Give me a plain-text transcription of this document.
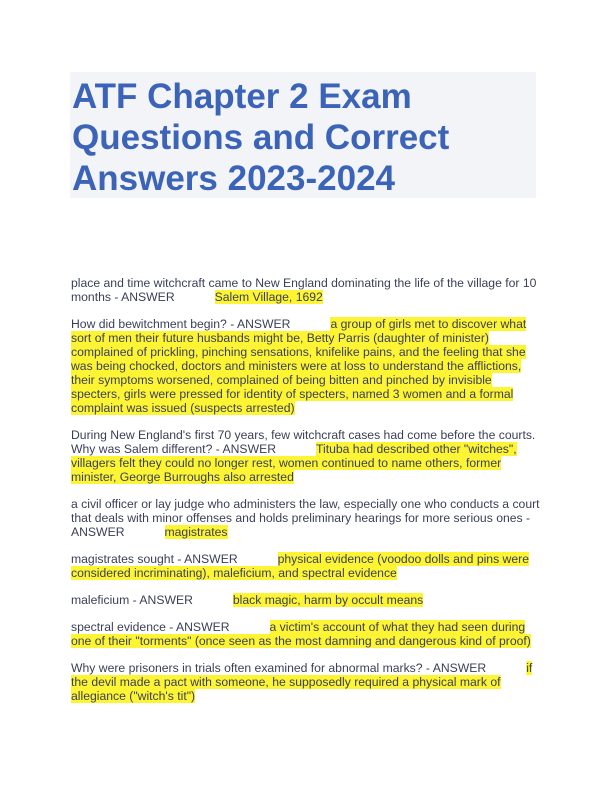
ATF Chapter 2 Exam Questions and Correct Answers 2023-2024

place and time witchcraft came to New England dominating the life of the village for 10 months - ANSWER	Salem Village, 1692

How did bewitchment begin? - ANSWER	a group of girls met to discover what sort of men their future husbands might be, Betty Parris (daughter of minister) complained of prickling, pinching sensations, knifelike pains, and the feeling that she was being chocked, doctors and ministers were at loss to understand the afflictions, their symptoms worsened, complained of being bitten and pinched by invisible specters, girls were pressed for identity of specters, named 3 women and a formal complaint was issued (suspects arrested)

During New England's first 70 years, few witchcraft cases had come before the courts. Why was Salem different? - ANSWER	Tituba had described other "witches", villagers felt they could no longer rest, women continued to name others, former minister, George Burroughs also arrested

a civil officer or lay judge who administers the law, especially one who conducts a court that deals with minor offenses and holds preliminary hearings for more serious ones - ANSWER	magistrates

magistrates sought - ANSWER	physical evidence (voodoo dolls and pins were considered incriminating), maleficium, and spectral evidence

maleficium - ANSWER	black magic, harm by occult means

spectral evidence - ANSWER	a victim's account of what they had seen during one of their "torments" (once seen as the most damning and dangerous kind of proof)

Why were prisoners in trials often examined for abnormal marks? - ANSWER	if the devil made a pact with someone, he supposedly required a physical mark of allegiance ("witch's tit")
